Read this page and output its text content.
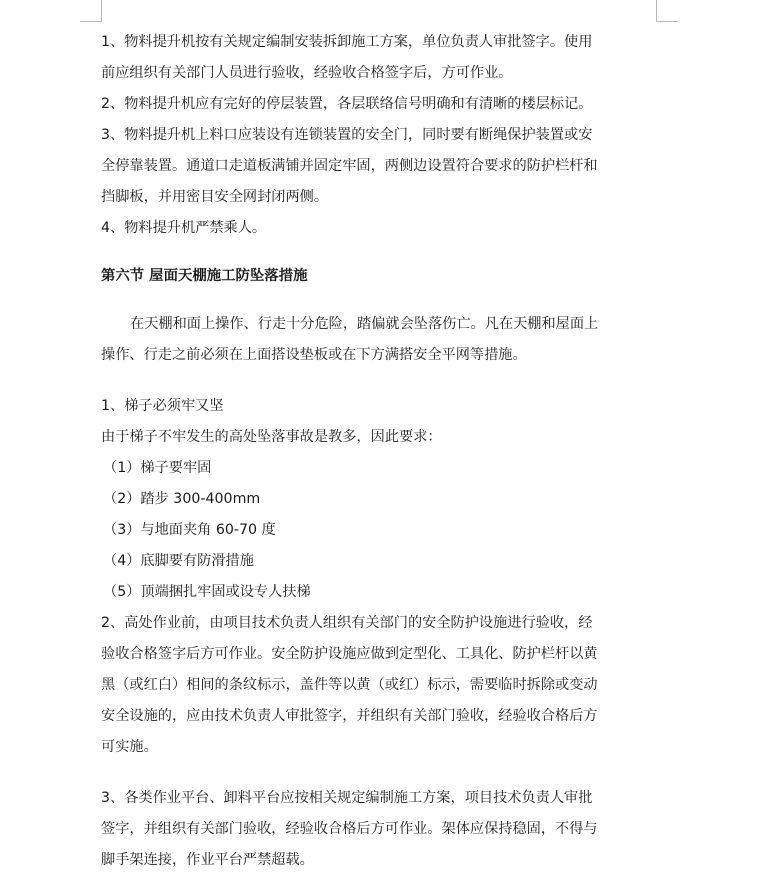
1、物料提升机按有关规定编制安装拆卸施工方案，单位负责人审批签字。使用
前应组织有关部门人员进行验收，经验收合格签字后，方可作业。
2、物料提升机应有完好的停层装置，各层联络信号明确和有清晰的楼层标记。
3、物料提升机上料口应装设有连锁装置的安全门，同时要有断绳保护装置或安
全停靠装置。通道口走道板满铺并固定牢固，两侧边设置符合要求的防护栏杆和
挡脚板，并用密目安全网封闭两侧。
4、物料提升机严禁乘人。
第六节 屋面天棚施工防坠落措施
在天棚和面上操作、行走十分危险，踏偏就会坠落伤亡。凡在天棚和屋面上
操作、行走之前必须在上面搭设垫板或在下方满搭安全平网等措施。
1、梯子必须牢又坚
由于梯子不牢发生的高处坠落事故是教多，因此要求：
（1）梯子要牢固
（2）踏步 300-400mm
（3）与地面夹角 60-70 度
（4）底脚要有防滑措施
（5）顶端捆扎牢固或设专人扶梯
2、高处作业前，由项目技术负责人组织有关部门的安全防护设施进行验收，经
验收合格签字后方可作业。安全防护设施应做到定型化、工具化、防护栏杆以黄
黑（或红白）相间的条纹标示，盖件等以黄（或红）标示，需要临时拆除或变动
安全设施的，应由技术负责人审批签字，并组织有关部门验收，经验收合格后方
可实施。
3、各类作业平台、卸料平台应按相关规定编制施工方案，项目技术负责人审批
签字，并组织有关部门验收，经验收合格后方可作业。架体应保持稳固，不得与
脚手架连接，作业平台严禁超载。
